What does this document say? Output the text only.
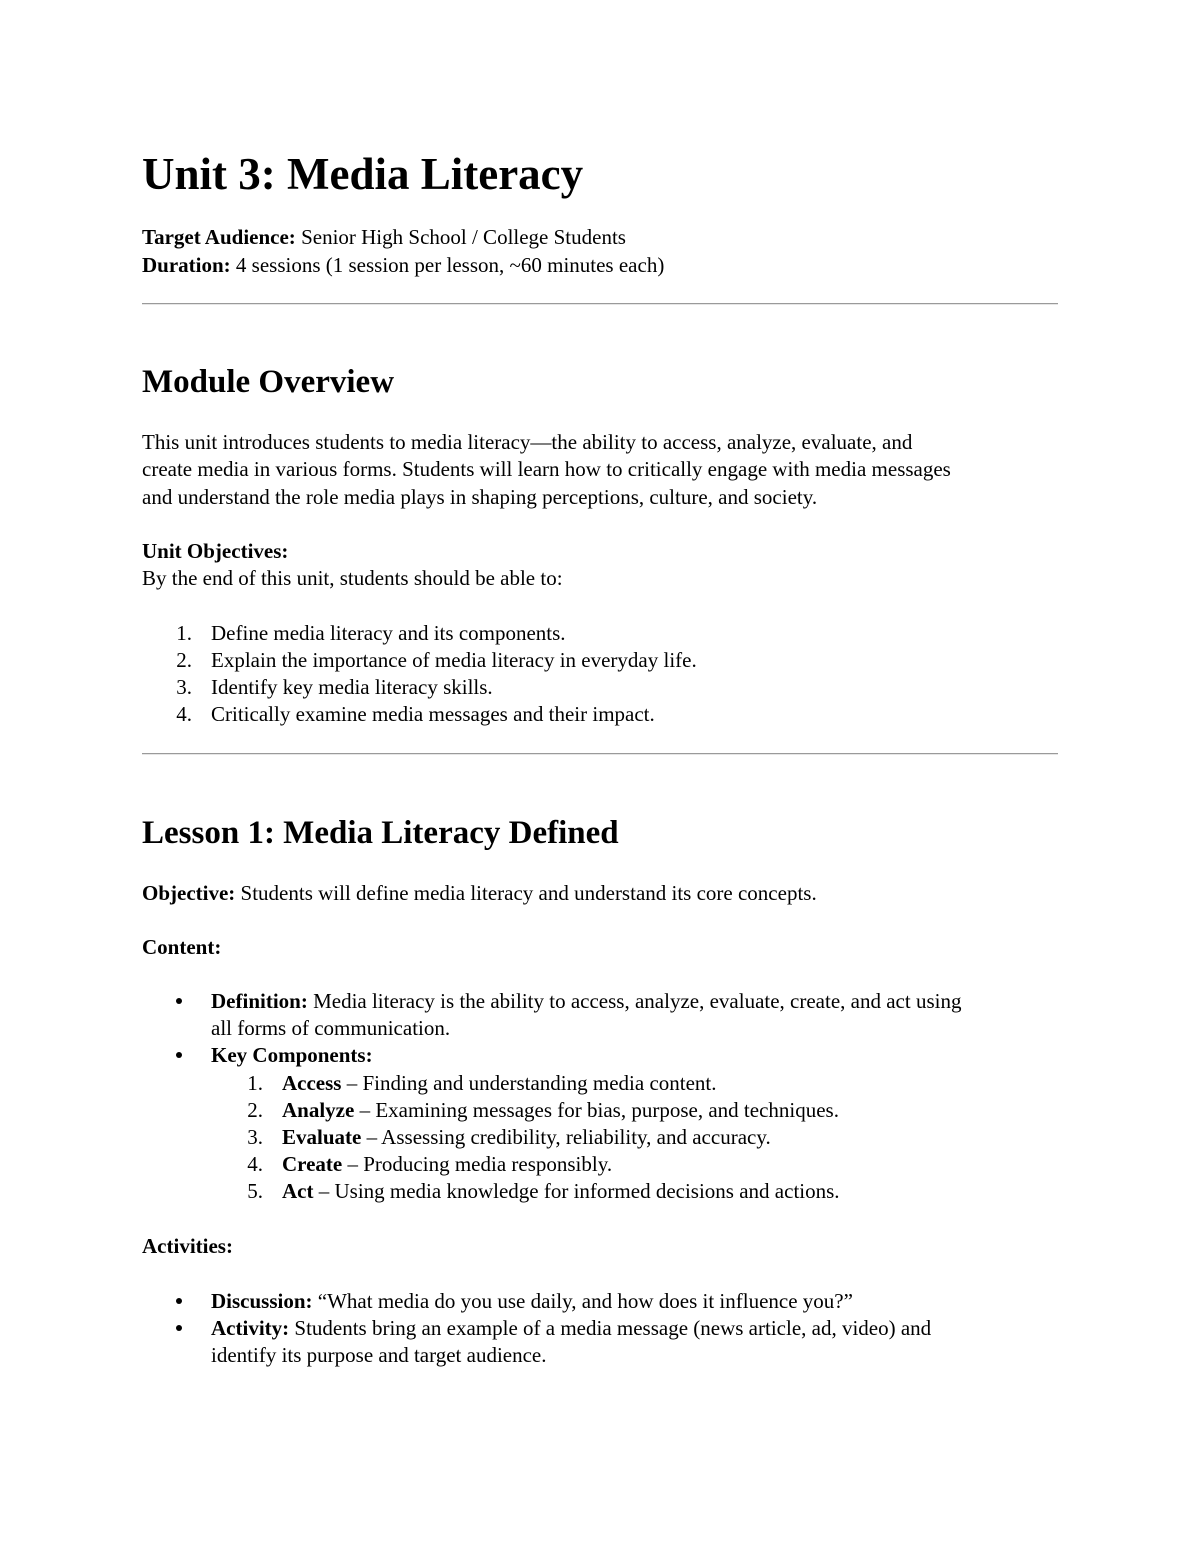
Unit 3: Media Literacy
Target Audience: Senior High School / College Students
Duration: 4 sessions (1 session per lesson, ~60 minutes each)
Module Overview
This unit introduces students to media literacy—the ability to access, analyze, evaluate, and
create media in various forms. Students will learn how to critically engage with media messages
and understand the role media plays in shaping perceptions, culture, and society.
Unit Objectives:
By the end of this unit, students should be able to:
1. Define media literacy and its components.
2. Explain the importance of media literacy in everyday life.
3. Identify key media literacy skills.
4. Critically examine media messages and their impact.
Lesson 1: Media Literacy Defined
Objective: Students will define media literacy and understand its core concepts.
Content:
Definition: Media literacy is the ability to access, analyze, evaluate, create, and act using
all forms of communication.
Key Components:
1. Access – Finding and understanding media content.
2. Analyze – Examining messages for bias, purpose, and techniques.
3. Evaluate – Assessing credibility, reliability, and accuracy.
4. Create – Producing media responsibly.
5. Act – Using media knowledge for informed decisions and actions.
Activities:
Discussion: “What media do you use daily, and how does it influence you?”
Activity: Students bring an example of a media message (news article, ad, video) and
identify its purpose and target audience.
